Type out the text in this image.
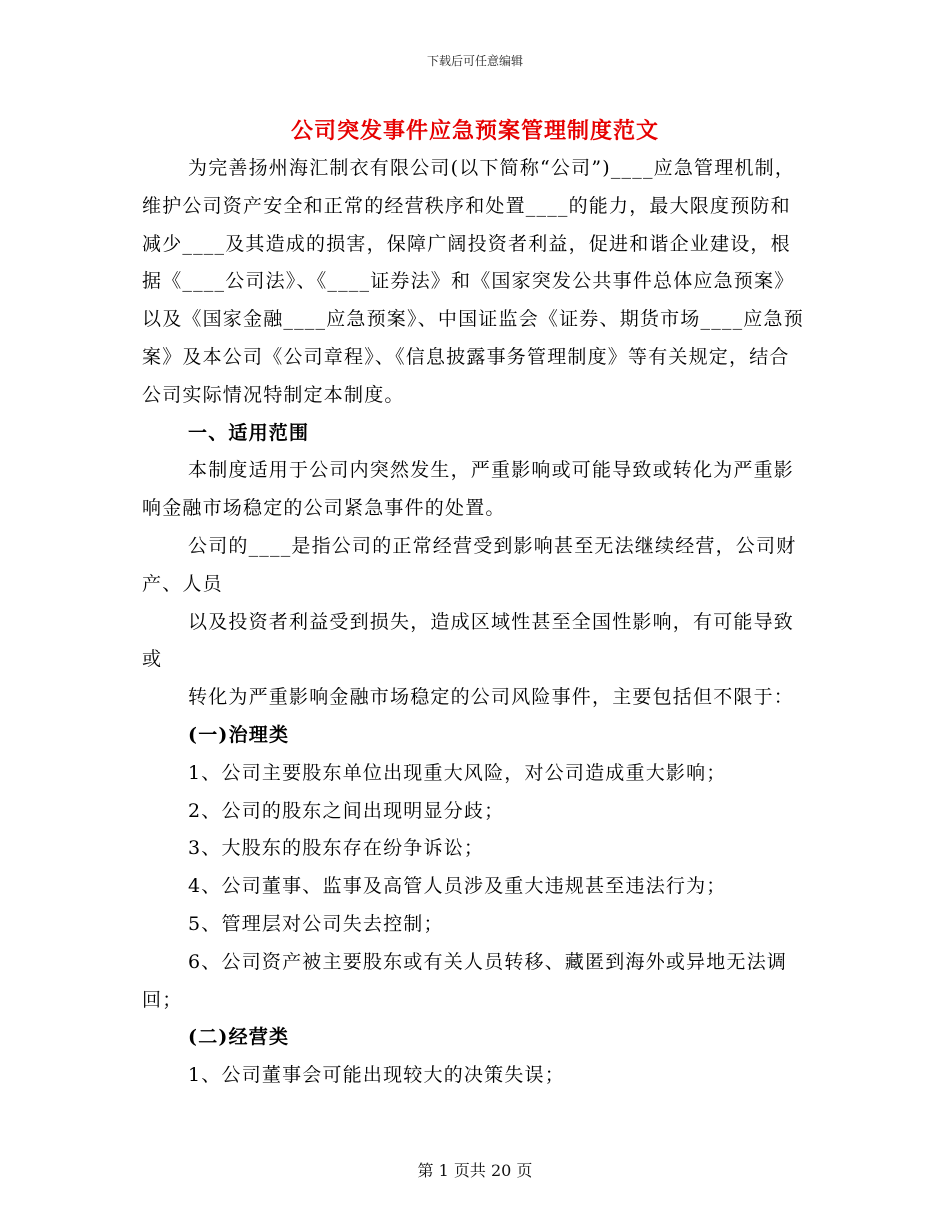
下载后可任意编辑
公司突发事件应急预案管理制度范文

为完善扬州海汇制衣有限公司(以下简称“公司”)____应急管理机制，维护公司资产安全和正常的经营秩序和处置____的能力，最大限度预防和减少____及其造成的损害，保障广阔投资者利益，促进和谐企业建设，根据《____公司法》、《____证券法》和《国家突发公共事件总体应急预案》以及《国家金融____应急预案》、中国证监会《证券、期货市场____应急预案》及本公司《公司章程》、《信息披露事务管理制度》等有关规定，结合公司实际情况特制定本制度。

一、适用范围

本制度适用于公司内突然发生，严重影响或可能导致或转化为严重影响金融市场稳定的公司紧急事件的处置。

公司的____是指公司的正常经营受到影响甚至无法继续经营，公司财产、人员

以及投资者利益受到损失，造成区域性甚至全国性影响，有可能导致或

转化为严重影响金融市场稳定的公司风险事件，主要包括但不限于：

(一)治理类

1、公司主要股东单位出现重大风险，对公司造成重大影响；

2、公司的股东之间出现明显分歧；

3、大股东的股东存在纷争诉讼；

4、公司董事、监事及高管人员涉及重大违规甚至违法行为；

5、管理层对公司失去控制；

6、公司资产被主要股东或有关人员转移、藏匿到海外或异地无法调回；

(二)经营类

1、公司董事会可能出现较大的决策失误；

第 1 页共 20 页
